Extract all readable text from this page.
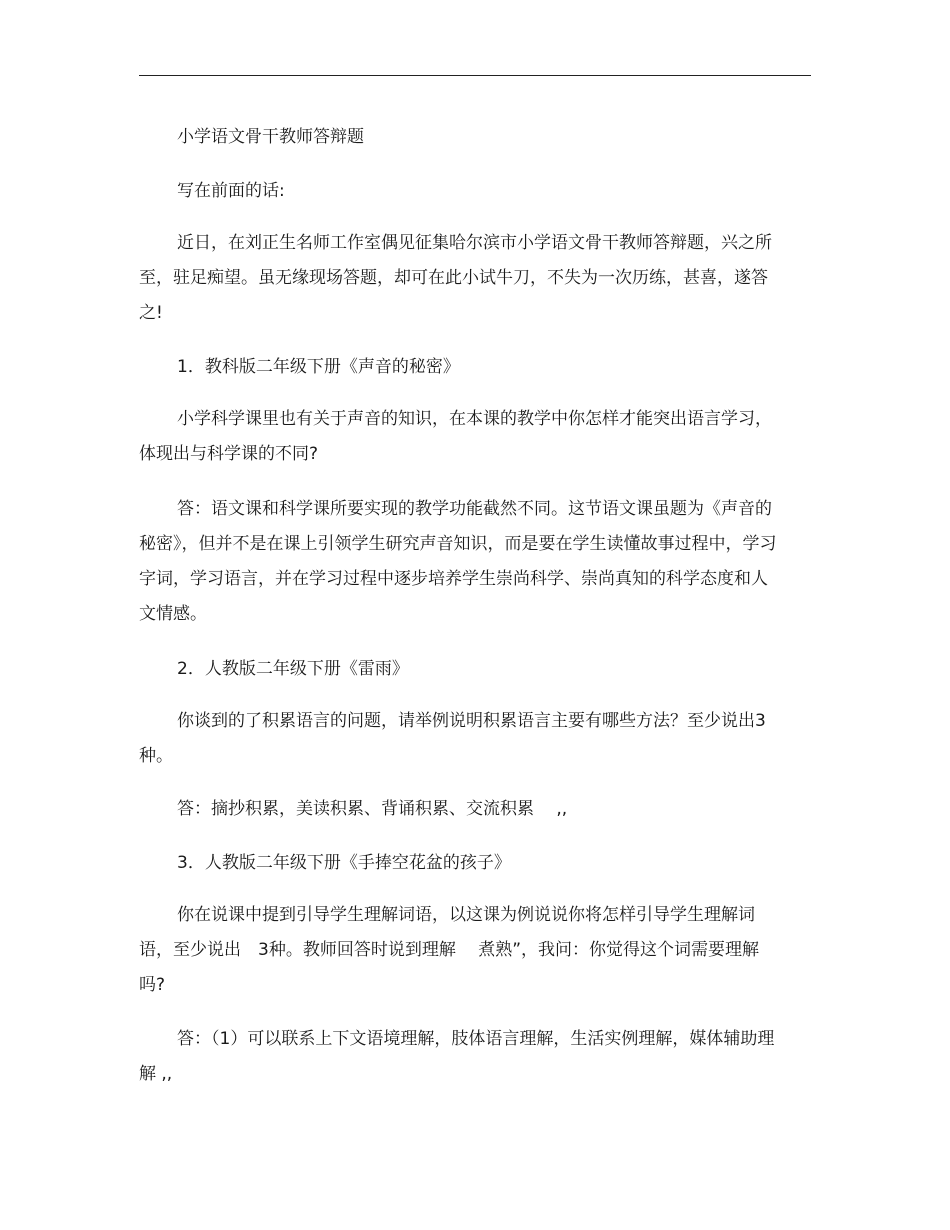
小学语文骨干教师答辩题

写在前面的话:

近日，在刘正生名师工作室偶见征集哈尔滨市小学语文骨干教师答辩题，兴之所至，驻足痴望。虽无缘现场答题，却可在此小试牛刀，不失为一次历练，甚喜，遂答之!

1．教科版二年级下册《声音的秘密》

小学科学课里也有关于声音的知识，在本课的教学中你怎样才能突出语言学习，体现出与科学课的不同?

答：语文课和科学课所要实现的教学功能截然不同。这节语文课虽题为《声音的秘密》，但并不是在课上引领学生研究声音知识，而是要在学生读懂故事过程中，学习字词，学习语言，并在学习过程中逐步培养学生崇尚科学、崇尚真知的科学态度和人文情感。

2．人教版二年级下册《雷雨》

你谈到的了积累语言的问题，请举例说明积累语言主要有哪些方法？至少说出3种。

答：摘抄积累，美读积累、背诵积累、交流积累　 ,,

3．人教版二年级下册《手捧空花盆的孩子》

你在说课中提到引导学生理解词语，以这课为例说说你将怎样引导学生理解词语，至少说出　3种。教师回答时说到理解　 煮熟”，我问：你觉得这个词需要理解吗?

答：（1）可以联系上下文语境理解，肢体语言理解，生活实例理解，媒体辅助理解 ,,
